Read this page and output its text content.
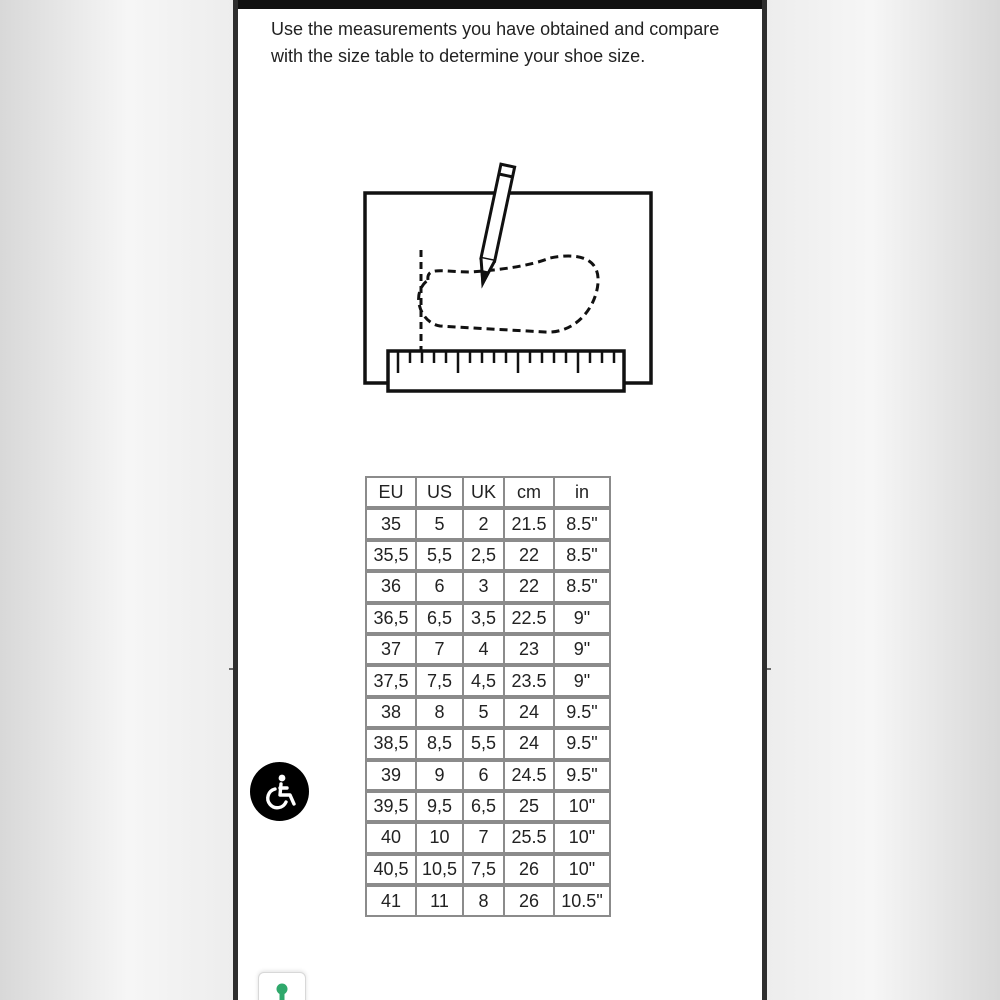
Use the measurements you have obtained and compare with the size table to determine your shoe size.

EU	US	UK	cm	in
35	5	2	21.5	8.5"
35,5	5,5	2,5	22	8.5"
36	6	3	22	8.5"
36,5	6,5	3,5	22.5	9"
37	7	4	23	9"
37,5	7,5	4,5	23.5	9"
38	8	5	24	9.5"
38,5	8,5	5,5	24	9.5"
39	9	6	24.5	9.5"
39,5	9,5	6,5	25	10"
40	10	7	25.5	10"
40,5	10,5	7,5	26	10"
41	11	8	26	10.5"
